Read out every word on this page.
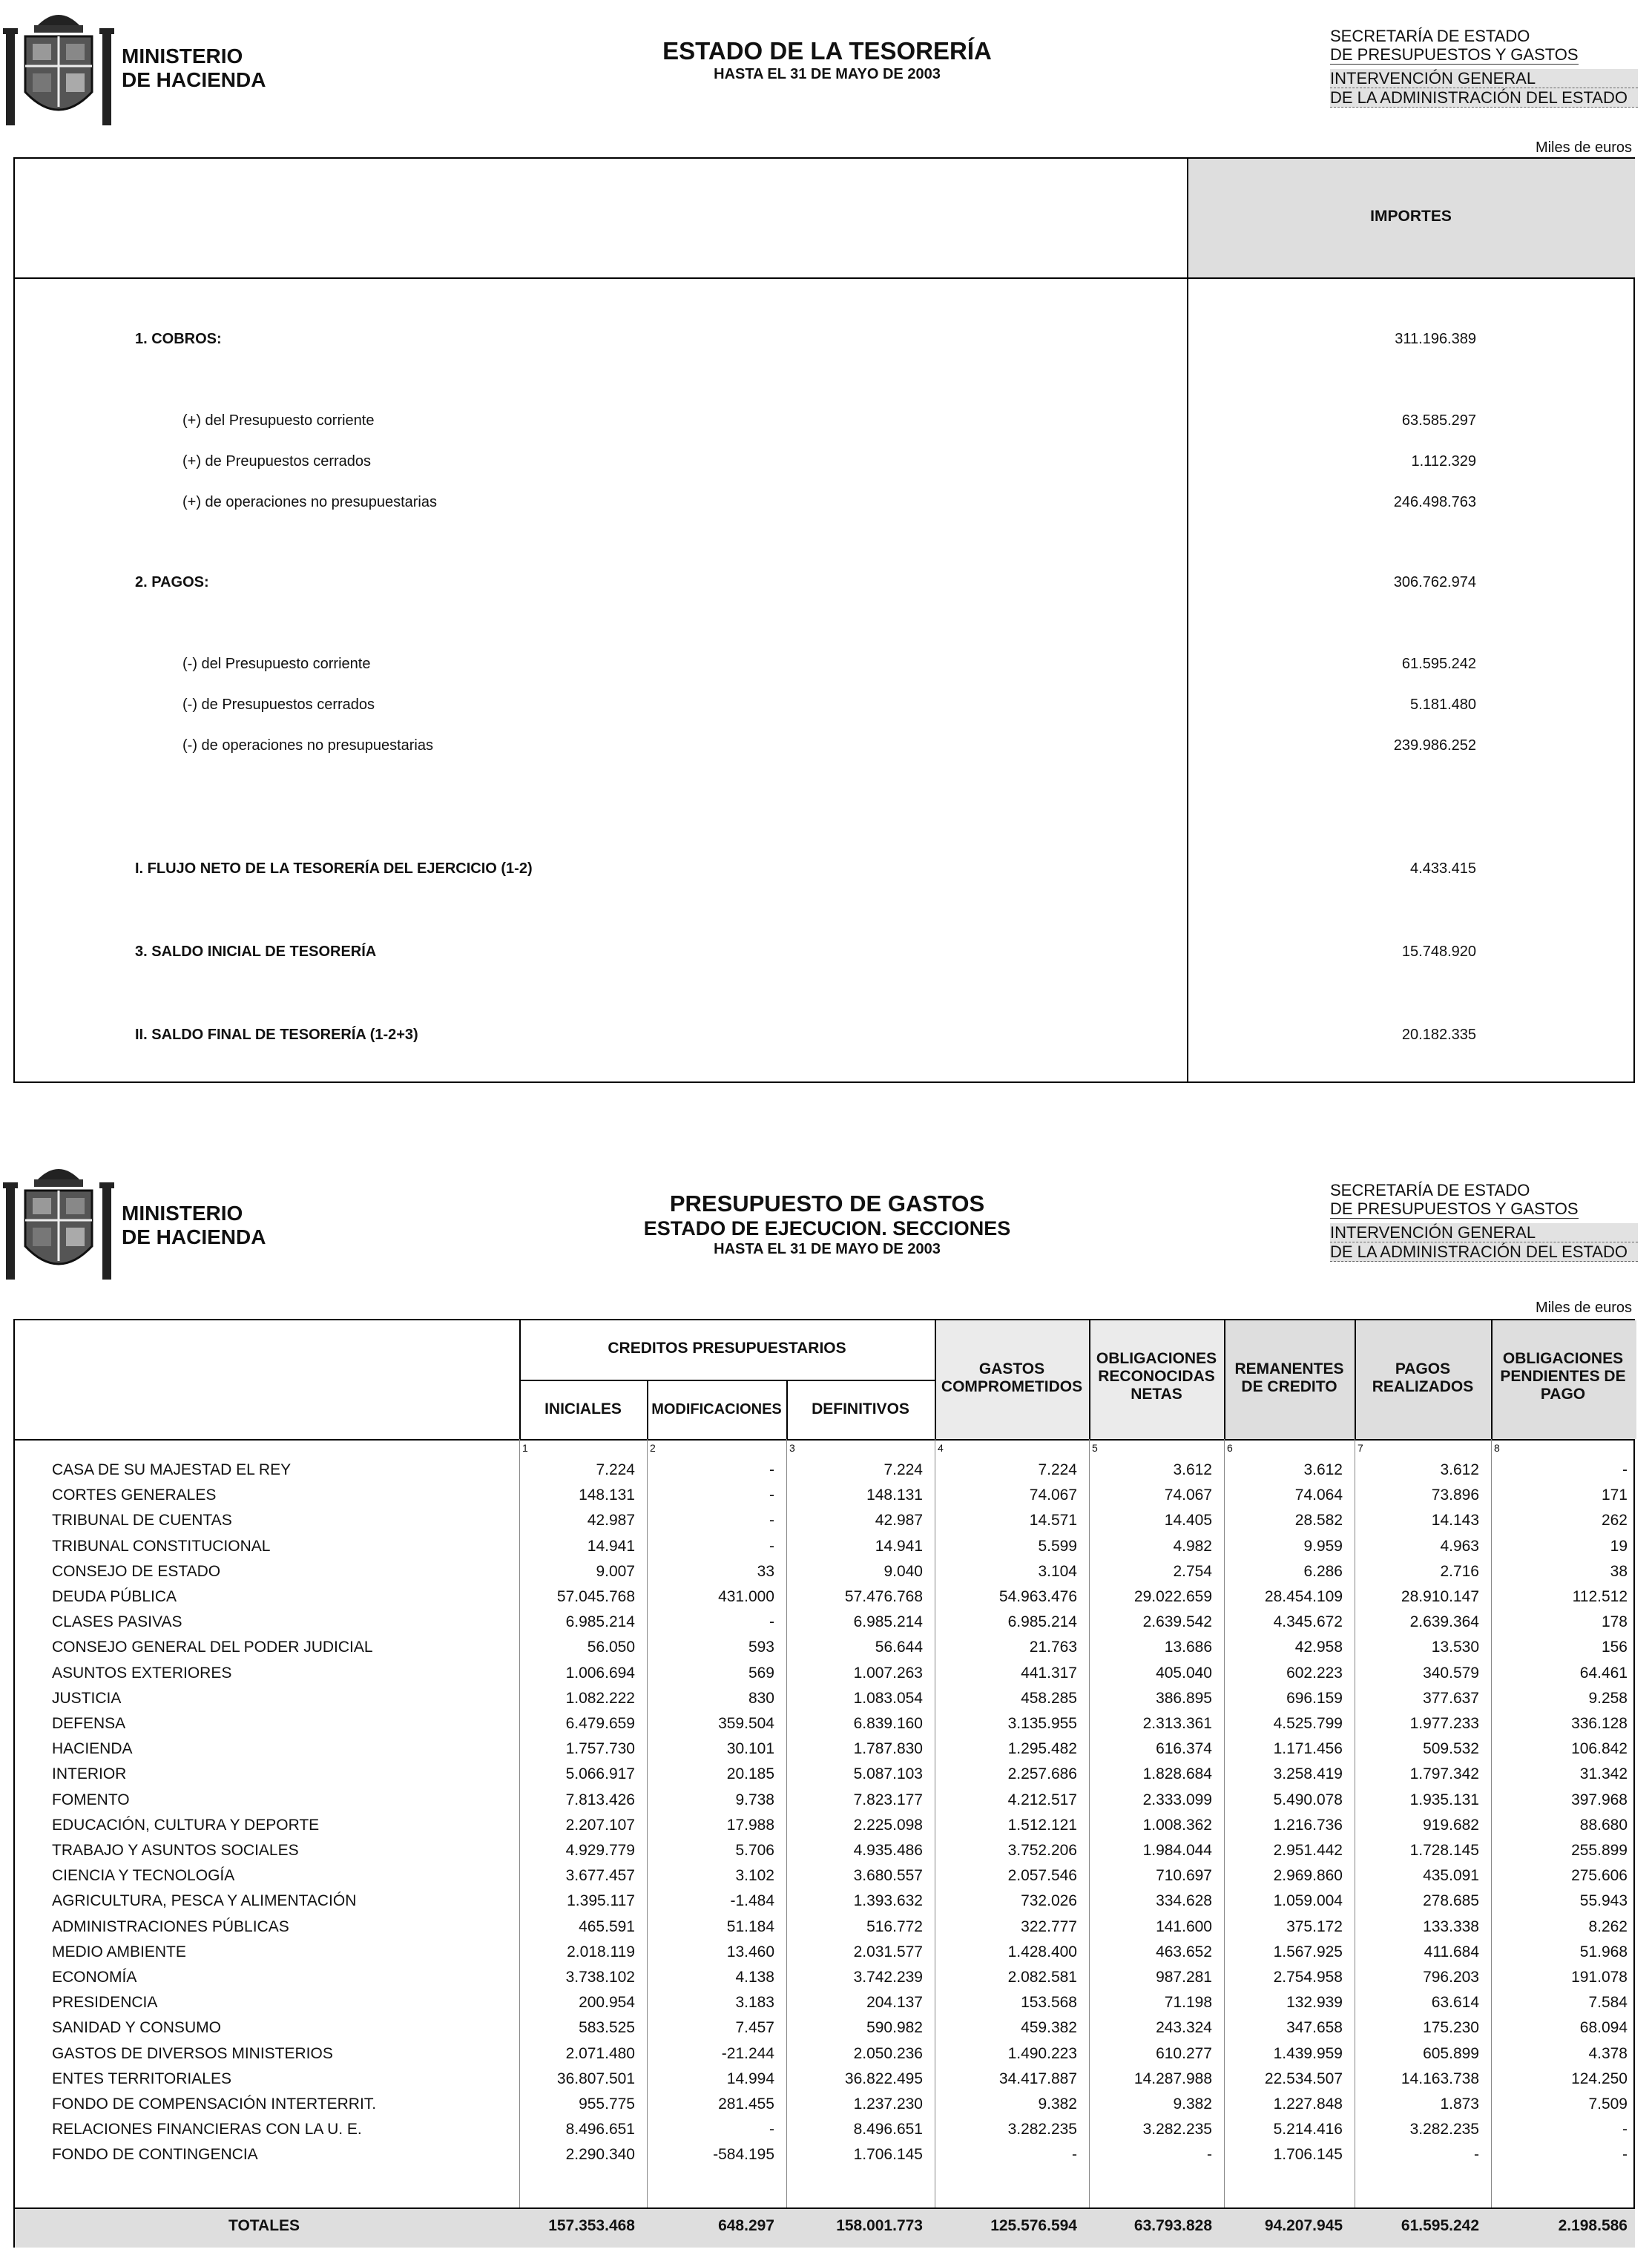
MINISTERIO
DE HACIENDA
ESTADO DE LA TESORERÍA
HASTA EL 31 DE MAYO DE 2003
SECRETARÍA DE ESTADO
DE PRESUPUESTOS Y GASTOS
INTERVENCIÓN GENERAL
DE LA ADMINISTRACIÓN DEL ESTADO
Miles de euros
IMPORTES
1. COBROS:	311.196.389
(+) del Presupuesto corriente	63.585.297
(+) de Preupuestos cerrados	1.112.329
(+) de operaciones no presupuestarias	246.498.763
2. PAGOS:	306.762.974
(-) del Presupuesto corriente	61.595.242
(-) de Presupuestos cerrados	5.181.480
(-) de operaciones no presupuestarias	239.986.252
I. FLUJO NETO DE LA TESORERÍA DEL EJERCICIO (1-2)	4.433.415
3. SALDO INICIAL DE TESORERÍA	15.748.920
II. SALDO FINAL DE TESORERÍA (1-2+3)	20.182.335
MINISTERIO
DE HACIENDA
PRESUPUESTO DE GASTOS
ESTADO DE EJECUCION. SECCIONES
HASTA EL 31 DE MAYO DE 2003
SECRETARÍA DE ESTADO
DE PRESUPUESTOS Y GASTOS
INTERVENCIÓN GENERAL
DE LA ADMINISTRACIÓN DEL ESTADO
Miles de euros
CREDITOS PRESUPUESTARIOS
INICIALES	MODIFICACIONES	DEFINITIVOS
GASTOS
COMPROMETIDOS
OBLIGACIONES
RECONOCIDAS
NETAS
REMANENTES
DE CREDITO
PAGOS
REALIZADOS
OBLIGACIONES
PENDIENTES DE
PAGO
1	2	3	4	5	6	7	8
CASA DE SU MAJESTAD EL REY	7.224	-	7.224	7.224	3.612	3.612	3.612	-
CORTES GENERALES	148.131	-	148.131	74.067	74.067	74.064	73.896	171
TRIBUNAL DE CUENTAS	42.987	-	42.987	14.571	14.405	28.582	14.143	262
TRIBUNAL CONSTITUCIONAL	14.941	-	14.941	5.599	4.982	9.959	4.963	19
CONSEJO DE ESTADO	9.007	33	9.040	3.104	2.754	6.286	2.716	38
DEUDA PÚBLICA	57.045.768	431.000	57.476.768	54.963.476	29.022.659	28.454.109	28.910.147	112.512
CLASES PASIVAS	6.985.214	-	6.985.214	6.985.214	2.639.542	4.345.672	2.639.364	178
CONSEJO GENERAL DEL PODER JUDICIAL	56.050	593	56.644	21.763	13.686	42.958	13.530	156
ASUNTOS EXTERIORES	1.006.694	569	1.007.263	441.317	405.040	602.223	340.579	64.461
JUSTICIA	1.082.222	830	1.083.054	458.285	386.895	696.159	377.637	9.258
DEFENSA	6.479.659	359.504	6.839.160	3.135.955	2.313.361	4.525.799	1.977.233	336.128
HACIENDA	1.757.730	30.101	1.787.830	1.295.482	616.374	1.171.456	509.532	106.842
INTERIOR	5.066.917	20.185	5.087.103	2.257.686	1.828.684	3.258.419	1.797.342	31.342
FOMENTO	7.813.426	9.738	7.823.177	4.212.517	2.333.099	5.490.078	1.935.131	397.968
EDUCACIÓN, CULTURA Y DEPORTE	2.207.107	17.988	2.225.098	1.512.121	1.008.362	1.216.736	919.682	88.680
TRABAJO Y ASUNTOS SOCIALES	4.929.779	5.706	4.935.486	3.752.206	1.984.044	2.951.442	1.728.145	255.899
CIENCIA Y TECNOLOGÍA	3.677.457	3.102	3.680.557	2.057.546	710.697	2.969.860	435.091	275.606
AGRICULTURA, PESCA Y ALIMENTACIÓN	1.395.117	-1.484	1.393.632	732.026	334.628	1.059.004	278.685	55.943
ADMINISTRACIONES PÚBLICAS	465.591	51.184	516.772	322.777	141.600	375.172	133.338	8.262
MEDIO AMBIENTE	2.018.119	13.460	2.031.577	1.428.400	463.652	1.567.925	411.684	51.968
ECONOMÍA	3.738.102	4.138	3.742.239	2.082.581	987.281	2.754.958	796.203	191.078
PRESIDENCIA	200.954	3.183	204.137	153.568	71.198	132.939	63.614	7.584
SANIDAD Y CONSUMO	583.525	7.457	590.982	459.382	243.324	347.658	175.230	68.094
GASTOS DE DIVERSOS MINISTERIOS	2.071.480	-21.244	2.050.236	1.490.223	610.277	1.439.959	605.899	4.378
ENTES TERRITORIALES	36.807.501	14.994	36.822.495	34.417.887	14.287.988	22.534.507	14.163.738	124.250
FONDO DE COMPENSACIÓN INTERTERRIT.	955.775	281.455	1.237.230	9.382	9.382	1.227.848	1.873	7.509
RELACIONES FINANCIERAS CON LA U. E.	8.496.651	-	8.496.651	3.282.235	3.282.235	5.214.416	3.282.235	-
FONDO DE CONTINGENCIA	2.290.340	-584.195	1.706.145	-	-	1.706.145	-	-
TOTALES	157.353.468	648.297	158.001.773	125.576.594	63.793.828	94.207.945	61.595.242	2.198.586
